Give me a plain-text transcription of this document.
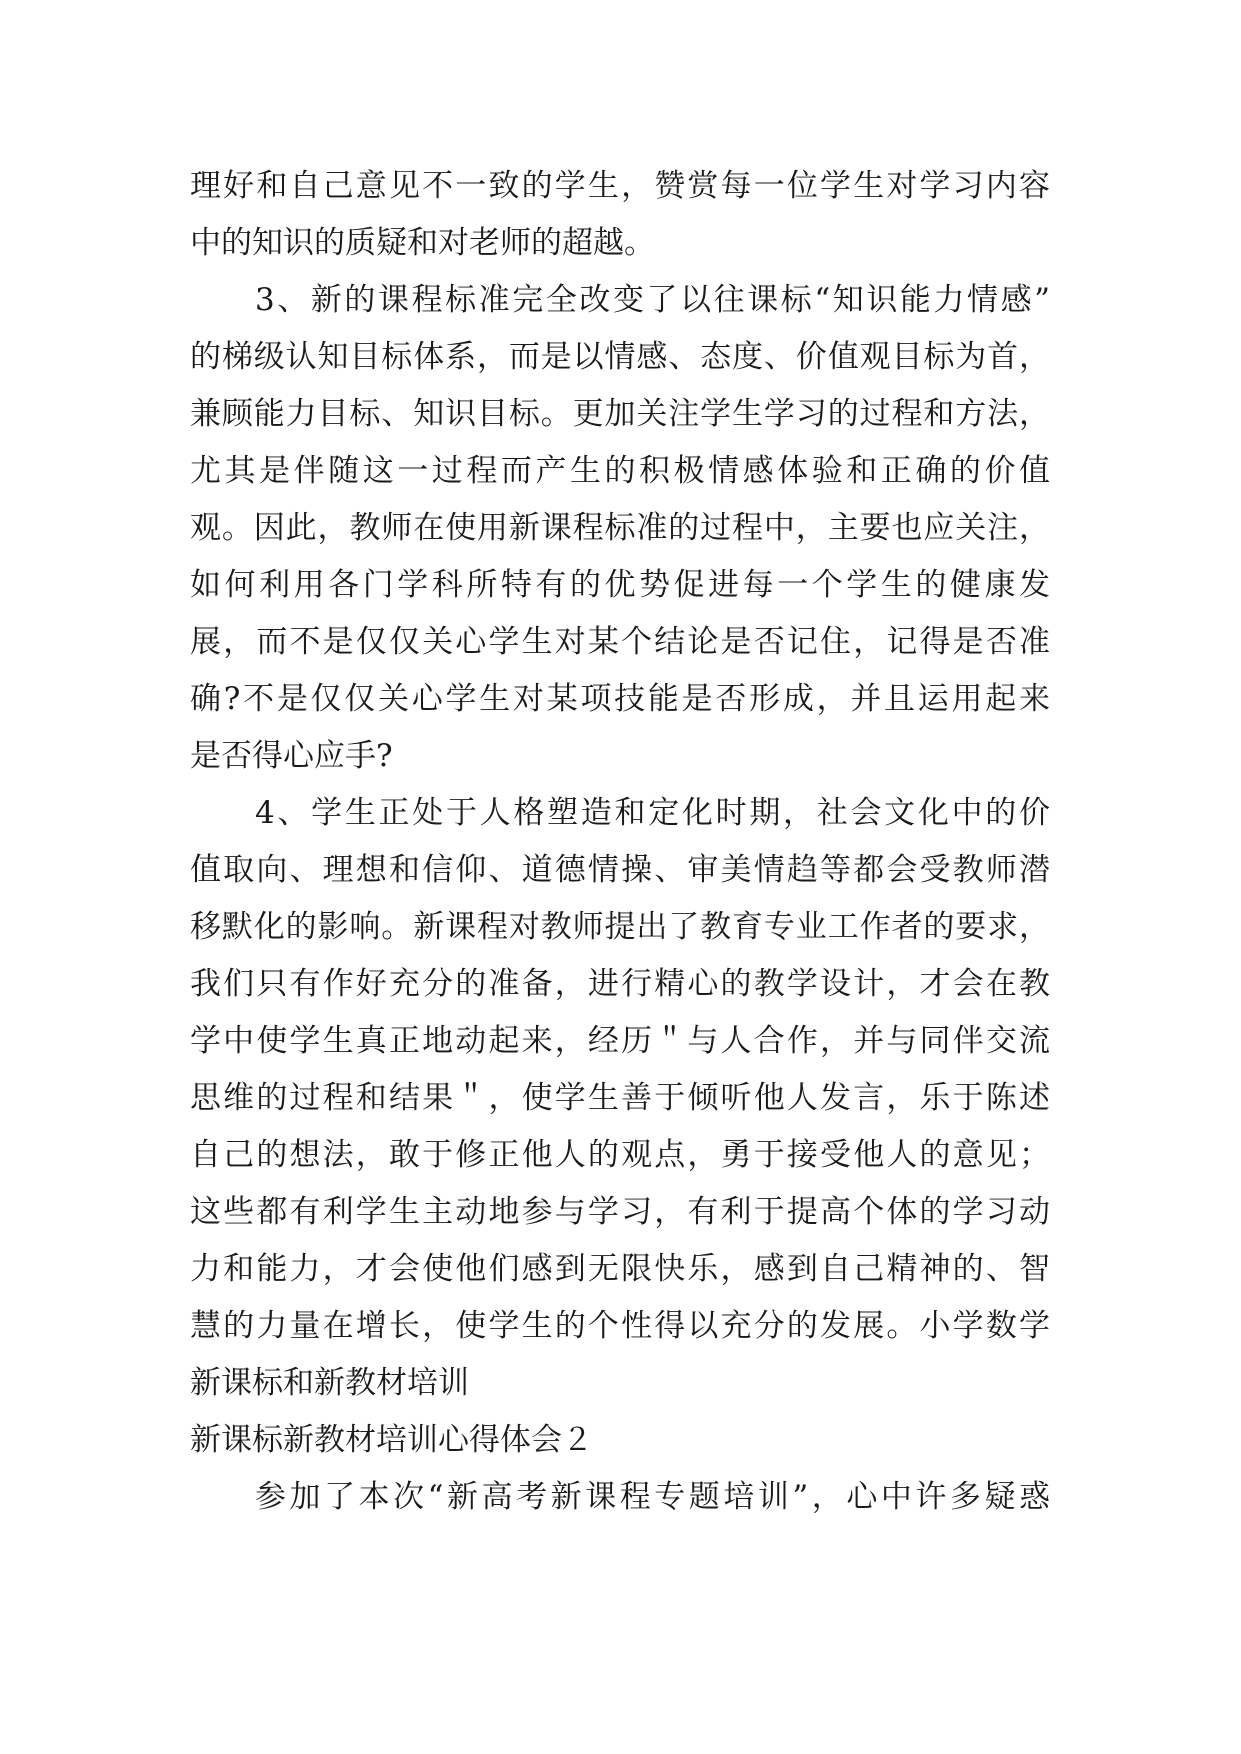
理好和自己意见不一致的学生，赞赏每一位学生对学习内容
中的知识的质疑和对老师的超越。
3、新的课程标准完全改变了以往课标“知识能力情感”
的梯级认知目标体系，而是以情感、态度、价值观目标为首，
兼顾能力目标、知识目标。更加关注学生学习的过程和方法，
尤其是伴随这一过程而产生的积极情感体验和正确的价值
观。因此，教师在使用新课程标准的过程中，主要也应关注，
如何利用各门学科所特有的优势促进每一个学生的健康发
展，而不是仅仅关心学生对某个结论是否记住，记得是否准
确?不是仅仅关心学生对某项技能是否形成，并且运用起来
是否得心应手?
4、学生正处于人格塑造和定化时期，社会文化中的价
值取向、理想和信仰、道德情操、审美情趋等都会受教师潜
移默化的影响。新课程对教师提出了教育专业工作者的要求，
我们只有作好充分的准备，进行精心的教学设计，才会在教
学中使学生真正地动起来，经历＂与人合作，并与同伴交流
思维的过程和结果＂，使学生善于倾听他人发言，乐于陈述
自己的想法，敢于修正他人的观点，勇于接受他人的意见；
这些都有利学生主动地参与学习，有利于提高个体的学习动
力和能力，才会使他们感到无限快乐，感到自己精神的、智
慧的力量在增长，使学生的个性得以充分的发展。小学数学
新课标和新教材培训
新课标新教材培训心得体会２
参加了本次“新高考新课程专题培训”，心中许多疑惑
